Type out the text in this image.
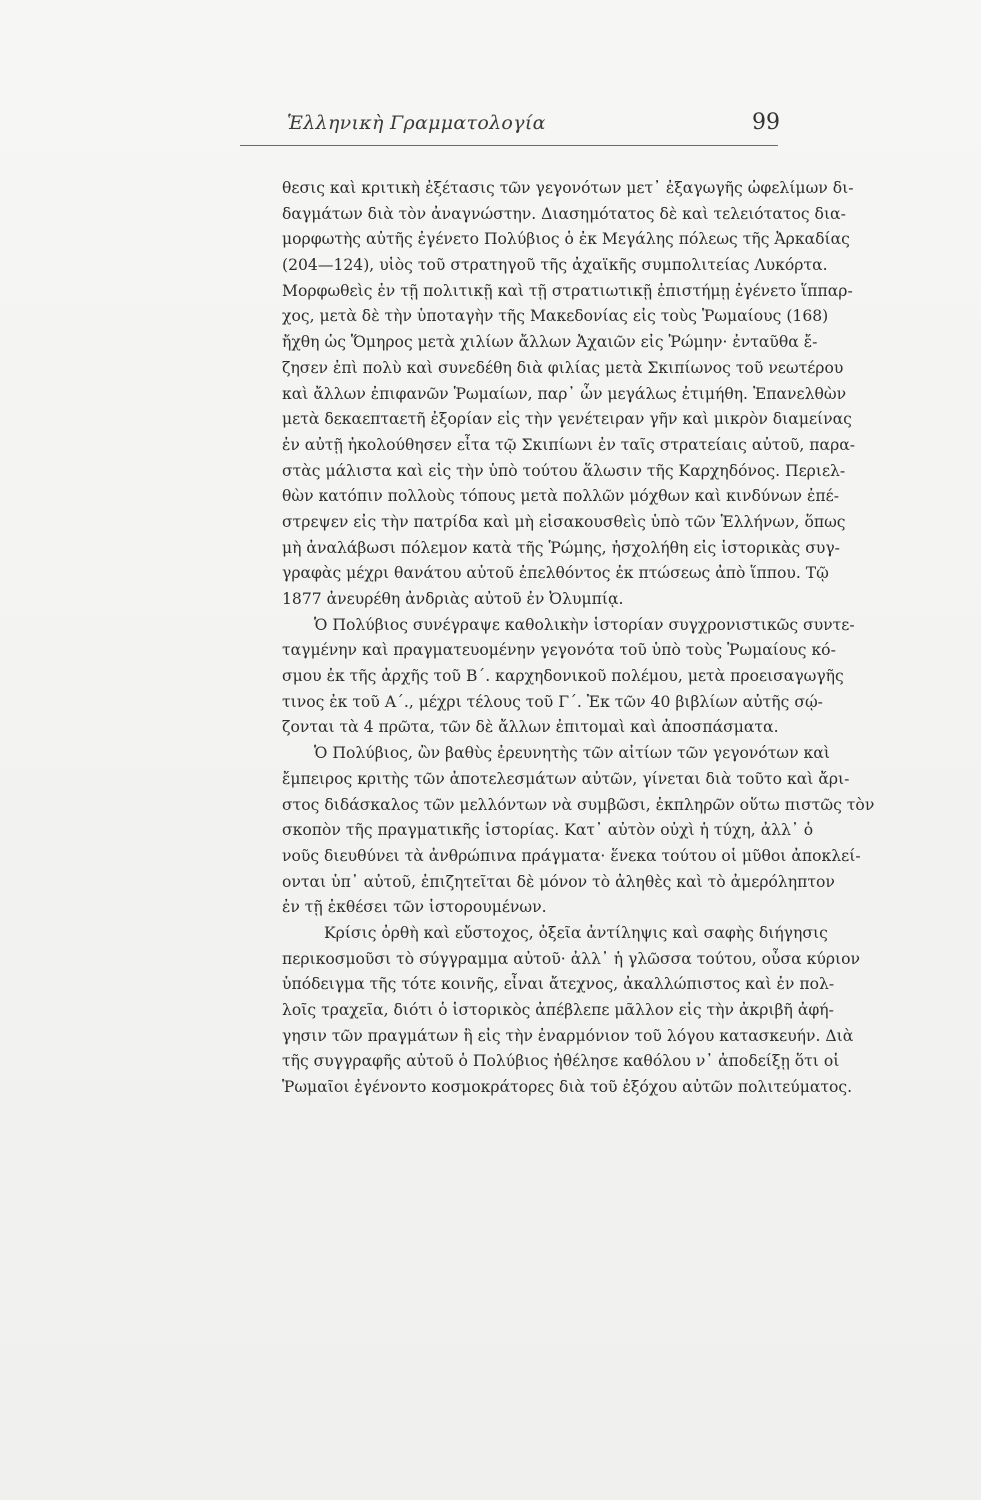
Ἑλληνικὴ Γραμματολογία	99
θεσις καὶ κριτικὴ ἐξέτασις τῶν γεγονότων μετ᾽ ἐξαγωγῆς ὠφελίμων δι-
δαγμάτων διὰ τὸν ἀναγνώστην. Διασημότατος δὲ καὶ τελειότατος δια-
μορφωτὴς αὐτῆς ἐγένετο Πολύβιος ὁ ἐκ Μεγάλης πόλεως τῆς Ἀρκαδίας
(204—124), υἱὸς τοῦ στρατηγοῦ τῆς ἀχαϊκῆς συμπολιτείας Λυκόρτα.
Μορφωθεὶς ἐν τῇ πολιτικῇ καὶ τῇ στρατιωτικῇ ἐπιστήμῃ ἐγένετο ἵππαρ-
χος, μετὰ δὲ τὴν ὑποταγὴν τῆς Μακεδονίας εἰς τοὺς Ῥωμαίους (168)
ἤχθη ὡς Ὅμηρος μετὰ χιλίων ἄλλων Ἀχαιῶν εἰς Ῥώμην· ἐνταῦθα ἔ-
ζησεν ἐπὶ πολὺ καὶ συνεδέθη διὰ φιλίας μετὰ Σκιπίωνος τοῦ νεωτέρου
καὶ ἄλλων ἐπιφανῶν Ῥωμαίων, παρ᾽ ὧν μεγάλως ἐτιμήθη. Ἐπανελθὼν
μετὰ δεκαεπταετῆ ἐξορίαν εἰς τὴν γενέτειραν γῆν καὶ μικρὸν διαμείνας
ἐν αὐτῇ ἠκολούθησεν εἶτα τῷ Σκιπίωνι ἐν ταῖς στρατείαις αὐτοῦ, παρα-
στὰς μάλιστα καὶ εἰς τὴν ὑπὸ τούτου ἅλωσιν τῆς Καρχηδόνος. Περιελ-
θὼν κατόπιν πολλοὺς τόπους μετὰ πολλῶν μόχθων καὶ κινδύνων ἐπέ-
στρεψεν εἰς τὴν πατρίδα καὶ μὴ εἰσακουσθεὶς ὑπὸ τῶν Ἑλλήνων, ὅπως
μὴ ἀναλάβωσι πόλεμον κατὰ τῆς Ῥώμης, ἠσχολήθη εἰς ἱστορικὰς συγ-
γραφὰς μέχρι θανάτου αὐτοῦ ἐπελθόντος ἐκ πτώσεως ἀπὸ ἵππου. Τῷ
1877 ἀνευρέθη ἀνδριὰς αὐτοῦ ἐν Ὀλυμπίᾳ.
Ὁ Πολύβιος συνέγραψε καθολικὴν ἱστορίαν συγχρονιστικῶς συντε-
ταγμένην καὶ πραγματευομένην γεγονότα τοῦ ὑπὸ τοὺς Ῥωμαίους κό-
σμου ἐκ τῆς ἀρχῆς τοῦ Β΄. καρχηδονικοῦ πολέμου, μετὰ προεισαγωγῆς
τινος ἐκ τοῦ Α΄., μέχρι τέλους τοῦ Γ΄. Ἐκ τῶν 40 βιβλίων αὐτῆς σῴ-
ζονται τὰ 4 πρῶτα, τῶν δὲ ἄλλων ἐπιτομαὶ καὶ ἀποσπάσματα.
Ὁ Πολύβιος, ὢν βαθὺς ἐρευνητὴς τῶν αἰτίων τῶν γεγονότων καὶ
ἔμπειρος κριτὴς τῶν ἀποτελεσμάτων αὐτῶν, γίνεται διὰ τοῦτο καὶ ἄρι-
στος διδάσκαλος τῶν μελλόντων νὰ συμβῶσι, ἐκπληρῶν οὕτω πιστῶς τὸν
σκοπὸν τῆς πραγματικῆς ἱστορίας. Κατ᾽ αὐτὸν οὐχὶ ἡ τύχη, ἀλλ᾽ ὁ
νοῦς διευθύνει τὰ ἀνθρώπινα πράγματα· ἕνεκα τούτου οἱ μῦθοι ἀποκλεί-
ονται ὑπ᾽ αὐτοῦ, ἐπιζητεῖται δὲ μόνον τὸ ἀληθὲς καὶ τὸ ἀμερόληπτον
ἐν τῇ ἐκθέσει τῶν ἱστορουμένων.
Κρίσις ὀρθὴ καὶ εὔστοχος, ὀξεῖα ἀντίληψις καὶ σαφὴς διήγησις
περικοσμοῦσι τὸ σύγγραμμα αὐτοῦ· ἀλλ᾽ ἡ γλῶσσα τούτου, οὖσα κύριον
ὑπόδειγμα τῆς τότε κοινῆς, εἶναι ἄτεχνος, ἀκαλλώπιστος καὶ ἐν πολ-
λοῖς τραχεῖα, διότι ὁ ἱστορικὸς ἀπέβλεπε μᾶλλον εἰς τὴν ἀκριβῆ ἀφή-
γησιν τῶν πραγμάτων ἢ εἰς τὴν ἐναρμόνιον τοῦ λόγου κατασκευήν. Διὰ
τῆς συγγραφῆς αὐτοῦ ὁ Πολύβιος ἠθέλησε καθόλου ν᾽ ἀποδείξῃ ὅτι οἱ
Ῥωμαῖοι ἐγένοντο κοσμοκράτορες διὰ τοῦ ἐξόχου αὐτῶν πολιτεύματος.
